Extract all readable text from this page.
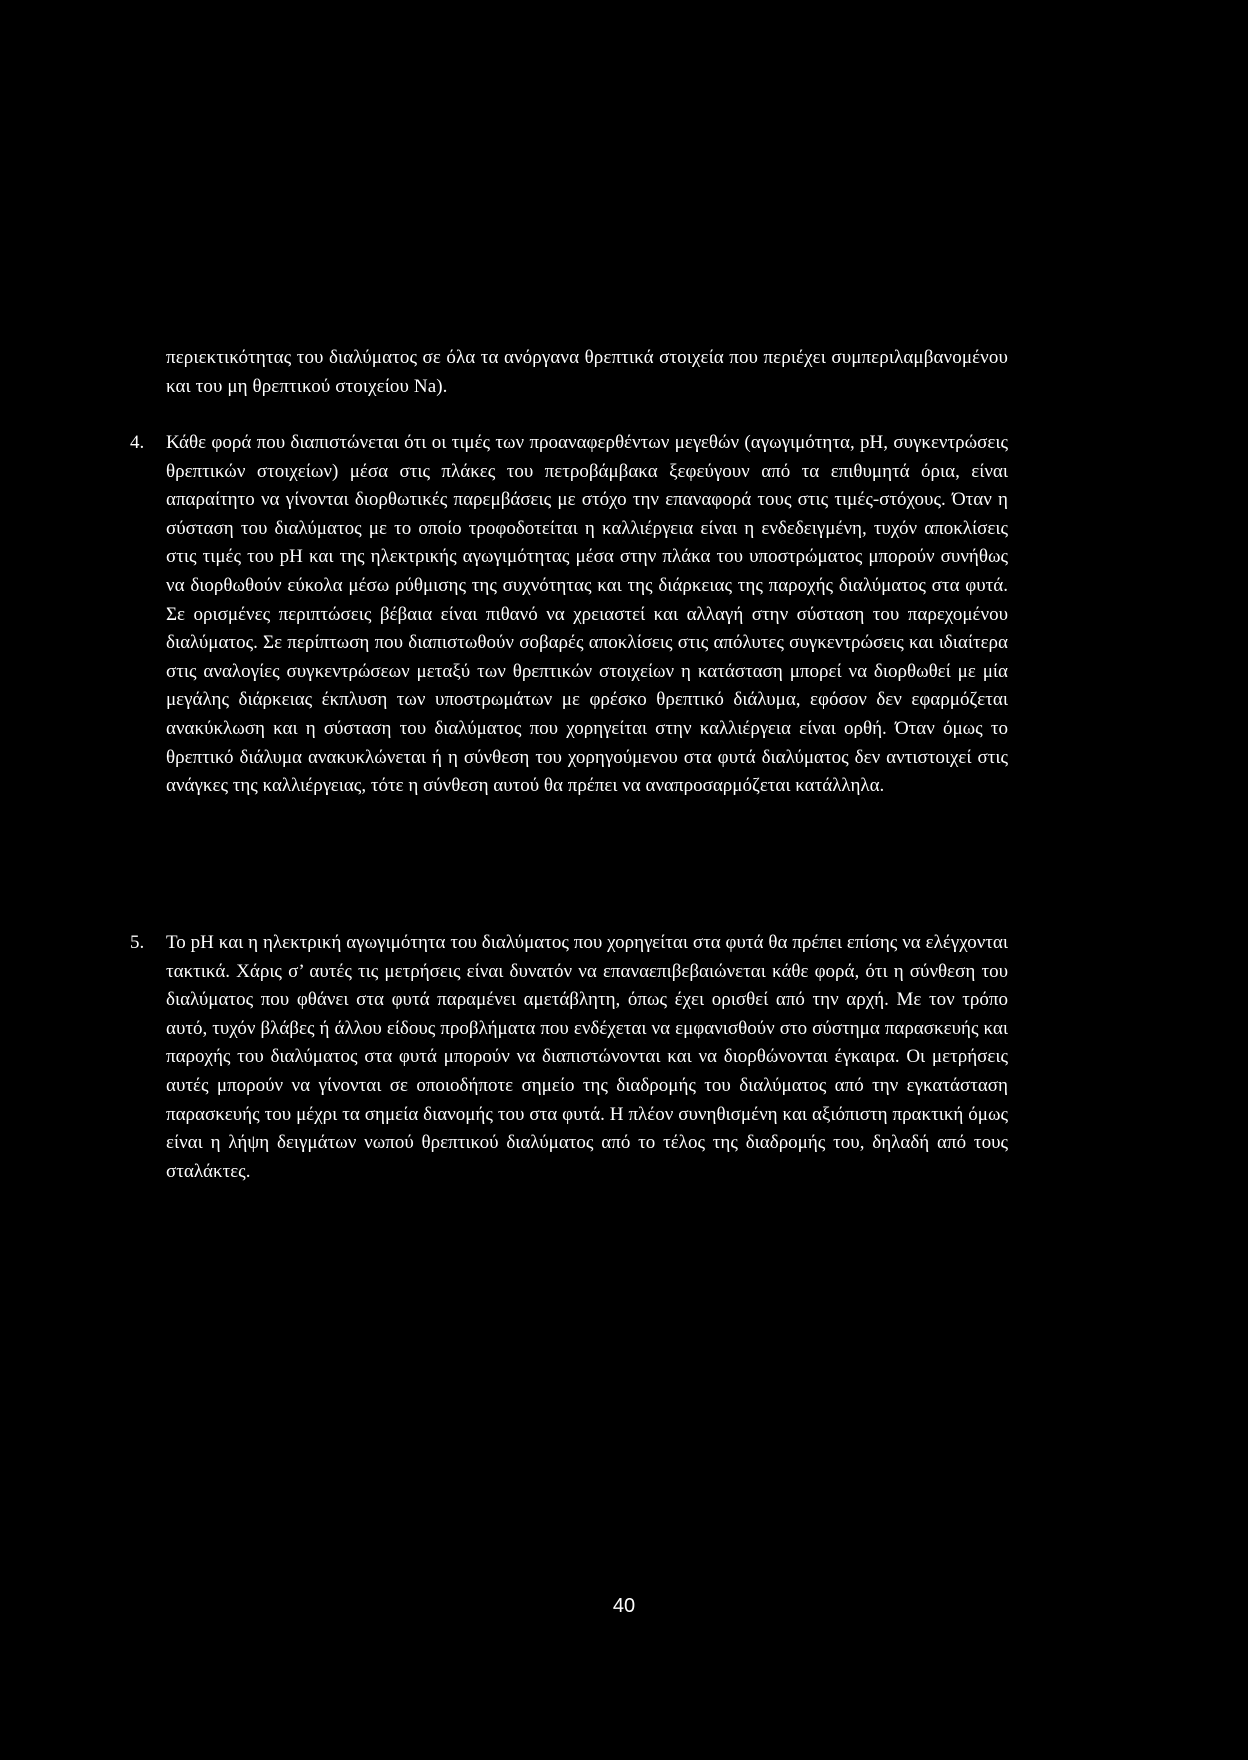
περιεκτικότητας του διαλύματος σε όλα τα ανόργανα θρεπτικά στοιχεία που περιέχει συμπεριλαμβανομένου και του μη θρεπτικού στοιχείου Na).
4. Κάθε φορά που διαπιστώνεται ότι οι τιμές των προαναφερθέντων μεγεθών (αγωγιμότητα, pH, συγκεντρώσεις θρεπτικών στοιχείων) μέσα στις πλάκες του πετροβάμβακα ξεφεύγουν από τα επιθυμητά όρια, είναι απαραίτητο να γίνονται διορθωτικές παρεμβάσεις με στόχο την επαναφορά τους στις τιμές-στόχους. Όταν η σύσταση του διαλύματος με το οποίο τροφοδοτείται η καλλιέργεια είναι η ενδεδειγμένη, τυχόν αποκλίσεις στις τιμές του pH και της ηλεκτρικής αγωγιμότητας μέσα στην πλάκα του υποστρώματος μπορούν συνήθως να διορθωθούν εύκολα μέσω ρύθμισης της συχνότητας και της διάρκειας της παροχής διαλύματος στα φυτά. Σε ορισμένες περιπτώσεις βέβαια είναι πιθανό να χρειαστεί και αλλαγή στην σύσταση του παρεχομένου διαλύματος. Σε περίπτωση που διαπιστωθούν σοβαρές αποκλίσεις στις απόλυτες συγκεντρώσεις και ιδιαίτερα στις αναλογίες συγκεντρώσεων μεταξύ των θρεπτικών στοιχείων η κατάσταση μπορεί να διορθωθεί με μία μεγάλης διάρκειας έκπλυση των υποστρωμάτων με φρέσκο θρεπτικό διάλυμα, εφόσον δεν εφαρμόζεται ανακύκλωση και η σύσταση του διαλύματος που χορηγείται στην καλλιέργεια είναι ορθή. Όταν όμως το θρεπτικό διάλυμα ανακυκλώνεται ή η σύνθεση του χορηγούμενου στα φυτά διαλύματος δεν αντιστοιχεί στις ανάγκες της καλλιέργειας, τότε η σύνθεση αυτού θα πρέπει να αναπροσαρμόζεται κατάλληλα.
5. Το pH και η ηλεκτρική αγωγιμότητα του διαλύματος που χορηγείται στα φυτά θα πρέπει επίσης να ελέγχονται τακτικά. Χάρις σ’ αυτές τις μετρήσεις είναι δυνατόν να επαναεπιβεβαιώνεται κάθε φορά, ότι η σύνθεση του διαλύματος που φθάνει στα φυτά παραμένει αμετάβλητη, όπως έχει ορισθεί από την αρχή. Με τον τρόπο αυτό, τυχόν βλάβες ή άλλου είδους προβλήματα που ενδέχεται να εμφανισθούν στο σύστημα παρασκευής και παροχής του διαλύματος στα φυτά μπορούν να διαπιστώνονται και να διορθώνονται έγκαιρα. Οι μετρήσεις αυτές μπορούν να γίνονται σε οποιοδήποτε σημείο της διαδρομής του διαλύματος από την εγκατάσταση παρασκευής του μέχρι τα σημεία διανομής του στα φυτά. Η πλέον συνηθισμένη και αξιόπιστη πρακτική όμως είναι η λήψη δειγμάτων νωπού θρεπτικού διαλύματος από το τέλος της διαδρομής του, δηλαδή από τους σταλάκτες.
40
